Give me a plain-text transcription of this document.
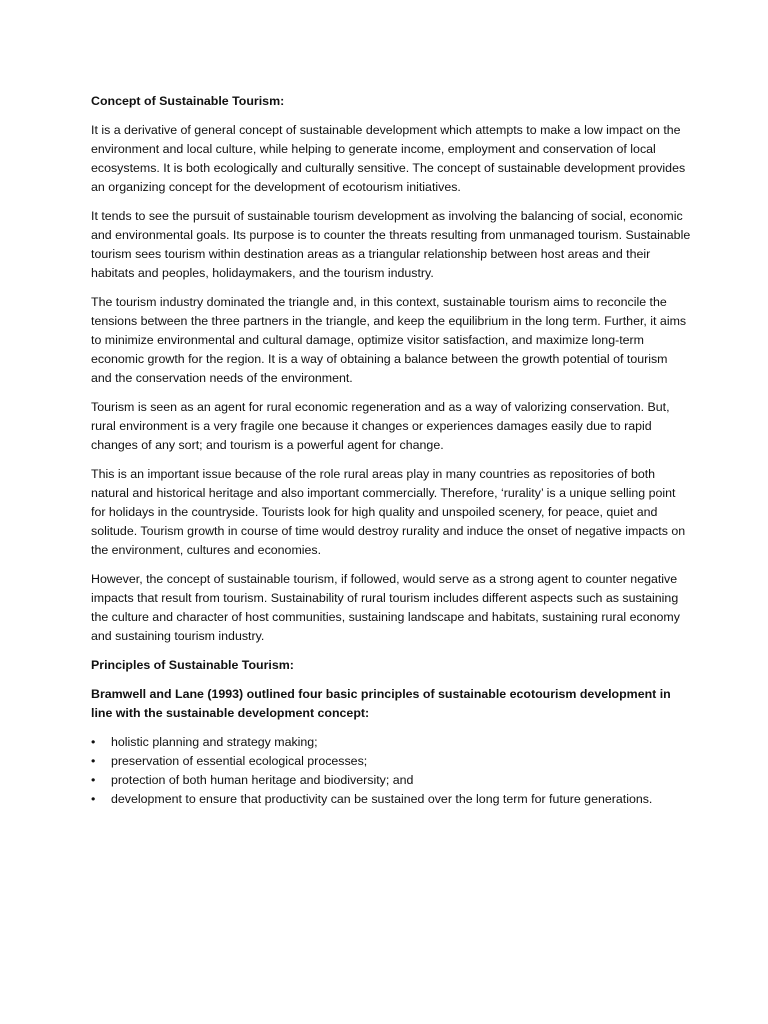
Concept of Sustainable Tourism:

It is a derivative of general concept of sustainable development which attempts to make a low impact on the environment and local culture, while helping to generate income, employment and conservation of local ecosystems. It is both ecologically and culturally sensitive. The concept of sustainable development provides an organizing concept for the development of ecotourism initiatives.

It tends to see the pursuit of sustainable tourism development as involving the balancing of social, economic and environmental goals. Its purpose is to counter the threats resulting from unmanaged tourism. Sustainable tourism sees tourism within destination areas as a triangular relationship between host areas and their habitats and peoples, holidaymakers, and the tourism industry.

The tourism industry dominated the triangle and, in this context, sustainable tourism aims to reconcile the tensions between the three partners in the triangle, and keep the equilibrium in the long term. Further, it aims to minimize environmental and cultural damage, optimize visitor satisfaction, and maximize long-term economic growth for the region. It is a way of obtaining a balance between the growth potential of tourism and the conservation needs of the environment.

Tourism is seen as an agent for rural economic regeneration and as a way of valorizing conservation. But, rural environment is a very fragile one because it changes or experiences damages easily due to rapid changes of any sort; and tourism is a powerful agent for change.

This is an important issue because of the role rural areas play in many countries as repositories of both natural and historical heritage and also important commercially. Therefore, ‘rurality’ is a unique selling point for holidays in the countryside. Tourists look for high quality and unspoiled scenery, for peace, quiet and solitude. Tourism growth in course of time would destroy rurality and induce the onset of negative impacts on the environment, cultures and economies.

However, the concept of sustainable tourism, if followed, would serve as a strong agent to counter negative impacts that result from tourism. Sustainability of rural tourism includes different aspects such as sustaining the culture and character of host communities, sustaining landscape and habitats, sustaining rural economy and sustaining tourism industry.

Principles of Sustainable Tourism:

Bramwell and Lane (1993) outlined four basic principles of sustainable ecotourism development in line with the sustainable development concept:

•	holistic planning and strategy making;
•	preservation of essential ecological processes;
•	protection of both human heritage and biodiversity; and
•	development to ensure that productivity can be sustained over the long term for future generations.
